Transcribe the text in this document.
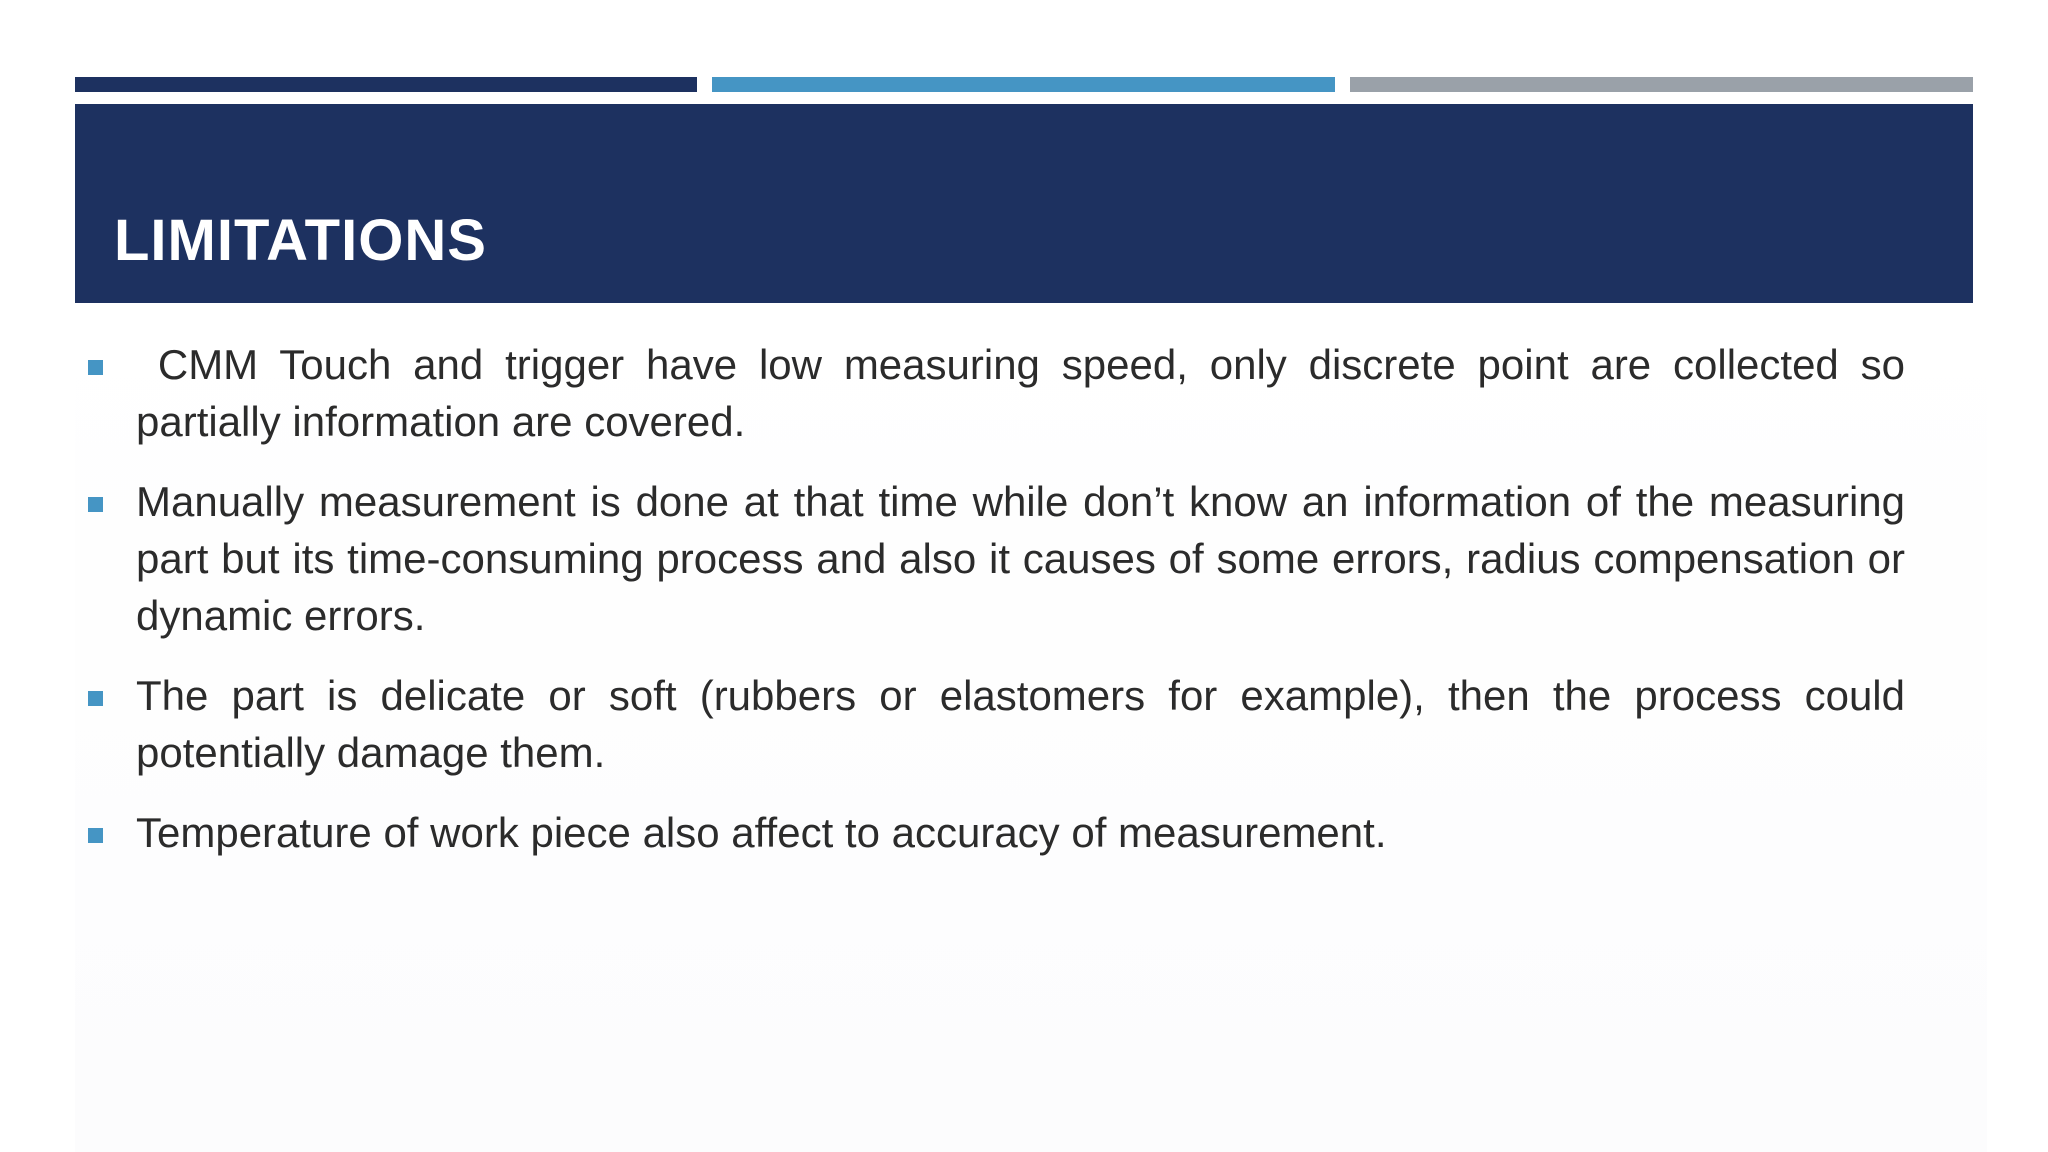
LIMITATIONS
CMM Touch and trigger have low measuring speed, only discrete point are collected so partially information are covered.
Manually measurement is done at that time while don’t know an information of the measuring part but its time-consuming process and also it causes of some errors, radius compensation or dynamic errors.
The part is delicate or soft (rubbers or elastomers for example), then the process could potentially damage them.
Temperature of work piece also affect to accuracy of measurement.
